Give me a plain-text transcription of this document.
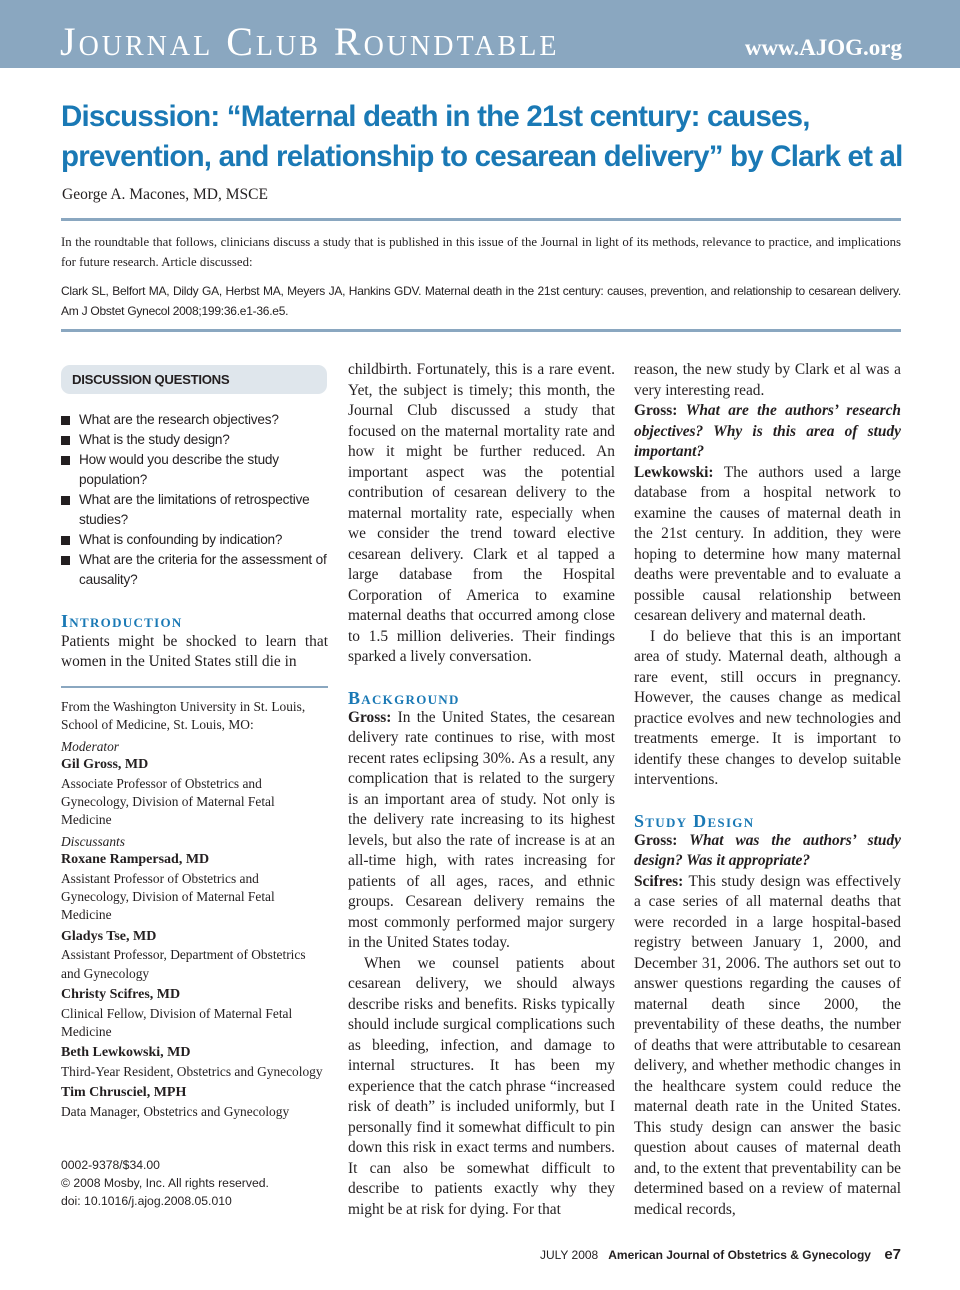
Journal Club Roundtable	www.AJOG.org
Discussion: “Maternal death in the 21st century: causes, prevention, and relationship to cesarean delivery” by Clark et al
George A. Macones, MD, MSCE
In the roundtable that follows, clinicians discuss a study that is published in this issue of the Journal in light of its methods, relevance to practice, and implications for future research. Article discussed:
Clark SL, Belfort MA, Dildy GA, Herbst MA, Meyers JA, Hankins GDV. Maternal death in the 21st century: causes, prevention, and relationship to cesarean delivery. Am J Obstet Gynecol 2008;199:36.e1-36.e5.
DISCUSSION QUESTIONS
What are the research objectives?
What is the study design?
How would you describe the study population?
What are the limitations of retrospective studies?
What is confounding by indication?
What are the criteria for the assessment of causality?
Introduction
Patients might be shocked to learn that women in the United States still die in
From the Washington University in St. Louis, School of Medicine, St. Louis, MO:
Moderator
Gil Gross, MD
Associate Professor of Obstetrics and Gynecology, Division of Maternal Fetal Medicine
Discussants
Roxane Rampersad, MD
Assistant Professor of Obstetrics and Gynecology, Division of Maternal Fetal Medicine
Gladys Tse, MD
Assistant Professor, Department of Obstetrics and Gynecology
Christy Scifres, MD
Clinical Fellow, Division of Maternal Fetal Medicine
Beth Lewkowski, MD
Third-Year Resident, Obstetrics and Gynecology
Tim Chrusciel, MPH
Data Manager, Obstetrics and Gynecology
0002-9378/$34.00
© 2008 Mosby, Inc. All rights reserved.
doi: 10.1016/j.ajog.2008.05.010

childbirth. Fortunately, this is a rare event. Yet, the subject is timely; this month, the Journal Club discussed a study that focused on the maternal mortality rate and how it might be further reduced. An important aspect was the potential contribution of cesarean delivery to the maternal mortality rate, especially when we consider the trend toward elective cesarean delivery. Clark et al tapped a large database from the Hospital Corporation of America to examine maternal deaths that occurred among close to 1.5 million deliveries. Their findings sparked a lively conversation.

Background

Gross: In the United States, the cesarean delivery rate continues to rise, with most recent rates eclipsing 30%. As a result, any complication that is related to the surgery is an important area of study. Not only is the delivery rate increasing to its highest levels, but also the rate of increase is at an all-time high, with rates increasing for patients of all ages, races, and ethnic groups. Cesarean delivery remains the most commonly performed major surgery in the United States today.

When we counsel patients about cesarean delivery, we should always describe risks and benefits. Risks typically should include surgical complications such as bleeding, infection, and damage to internal structures. It has been my experience that the catch phrase “increased risk of death” is included uniformly, but I personally find it somewhat difficult to pin down this risk in exact terms and numbers. It can also be somewhat difficult to describe to patients exactly why they might be at risk for dying. For that

reason, the new study by Clark et al was a very interesting read.

Gross: What are the authors’ research objectives? Why is this area of study important?

Lewkowski: The authors used a large database from a hospital network to examine the causes of maternal death in the 21st century. In addition, they were hoping to determine how many maternal deaths were preventable and to evaluate a possible causal relationship between cesarean delivery and maternal death.

I do believe that this is an important area of study. Maternal death, although a rare event, still occurs in pregnancy. However, the causes change as medical practice evolves and new technologies and treatments emerge. It is important to identify these changes to develop suitable interventions.

Study Design

Gross: What was the authors’ study design? Was it appropriate?

Scifres: This study design was effectively a case series of all maternal deaths that were recorded in a large hospital-based registry between January 1, 2000, and December 31, 2006. The authors set out to answer questions regarding the causes of maternal death since 2000, the preventability of these deaths, the number of deaths that were attributable to cesarean delivery, and whether methodic changes in the healthcare system could reduce the maternal death rate in the United States. This study design can answer the basic question about causes of maternal death and, to the extent that preventability can be determined based on a review of maternal medical records,

JULY 2008 American Journal of Obstetrics & Gynecology e7
